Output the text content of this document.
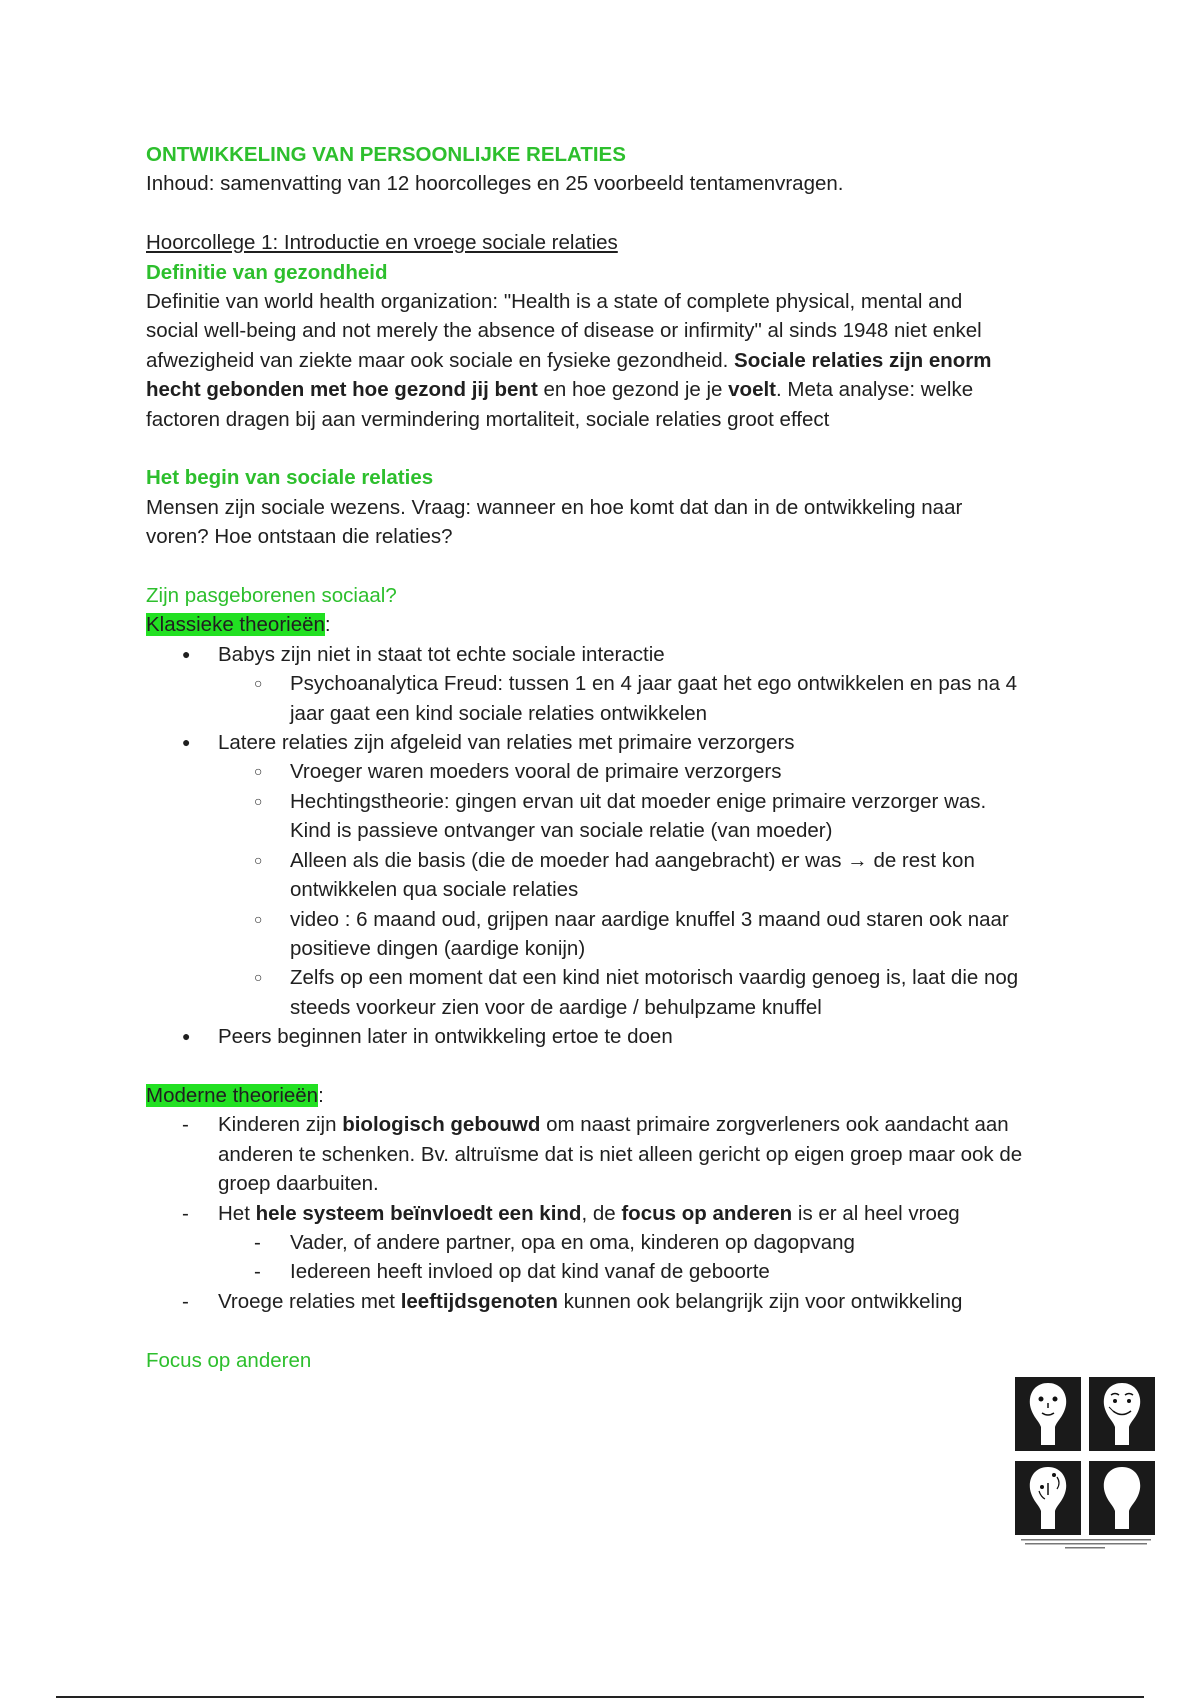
ONTWIKKELING VAN PERSOONLIJKE RELATIES
Inhoud: samenvatting van 12 hoorcolleges en 25 voorbeeld tentamenvragen.
Hoorcollege 1: Introductie en vroege sociale relaties
Definitie van gezondheid
Definitie van world health organization: "Health is a state of complete physical, mental and
social well-being and not merely the absence of disease or infirmity" al sinds 1948 niet enkel
afwezigheid van ziekte maar ook sociale en fysieke gezondheid. Sociale relaties zijn enorm
hecht gebonden met hoe gezond jij bent en hoe gezond je je voelt. Meta analyse: welke
factoren dragen bij aan vermindering mortaliteit, sociale relaties groot effect
Het begin van sociale relaties
Mensen zijn sociale wezens. Vraag: wanneer en hoe komt dat dan in de ontwikkeling naar
voren? Hoe ontstaan die relaties?
Zijn pasgeborenen sociaal?
Klassieke theorieën:
● Babys zijn niet in staat tot echte sociale interactie
○ Psychoanalytica Freud: tussen 1 en 4 jaar gaat het ego ontwikkelen en pas na 4
jaar gaat een kind sociale relaties ontwikkelen
● Latere relaties zijn afgeleid van relaties met primaire verzorgers
○ Vroeger waren moeders vooral de primaire verzorgers
○ Hechtingstheorie: gingen ervan uit dat moeder enige primaire verzorger was.
Kind is passieve ontvanger van sociale relatie (van moeder)
○ Alleen als die basis (die de moeder had aangebracht) er was → de rest kon
ontwikkelen qua sociale relaties
○ video : 6 maand oud, grijpen naar aardige knuffel 3 maand oud staren ook naar
positieve dingen (aardige konijn)
○ Zelfs op een moment dat een kind niet motorisch vaardig genoeg is, laat die nog
steeds voorkeur zien voor de aardige / behulpzame knuffel
● Peers beginnen later in ontwikkeling ertoe te doen
Moderne theorieën:
- Kinderen zijn biologisch gebouwd om naast primaire zorgverleners ook aandacht aan
anderen te schenken. Bv. altruïsme dat is niet alleen gericht op eigen groep maar ook de
groep daarbuiten.
- Het hele systeem beïnvloedt een kind, de focus op anderen is er al heel vroeg
- Vader, of andere partner, opa en oma, kinderen op dagopvang
- Iedereen heeft invloed op dat kind vanaf de geboorte
- Vroege relaties met leeftijdsgenoten kunnen ook belangrijk zijn voor ontwikkeling
Focus op anderen
